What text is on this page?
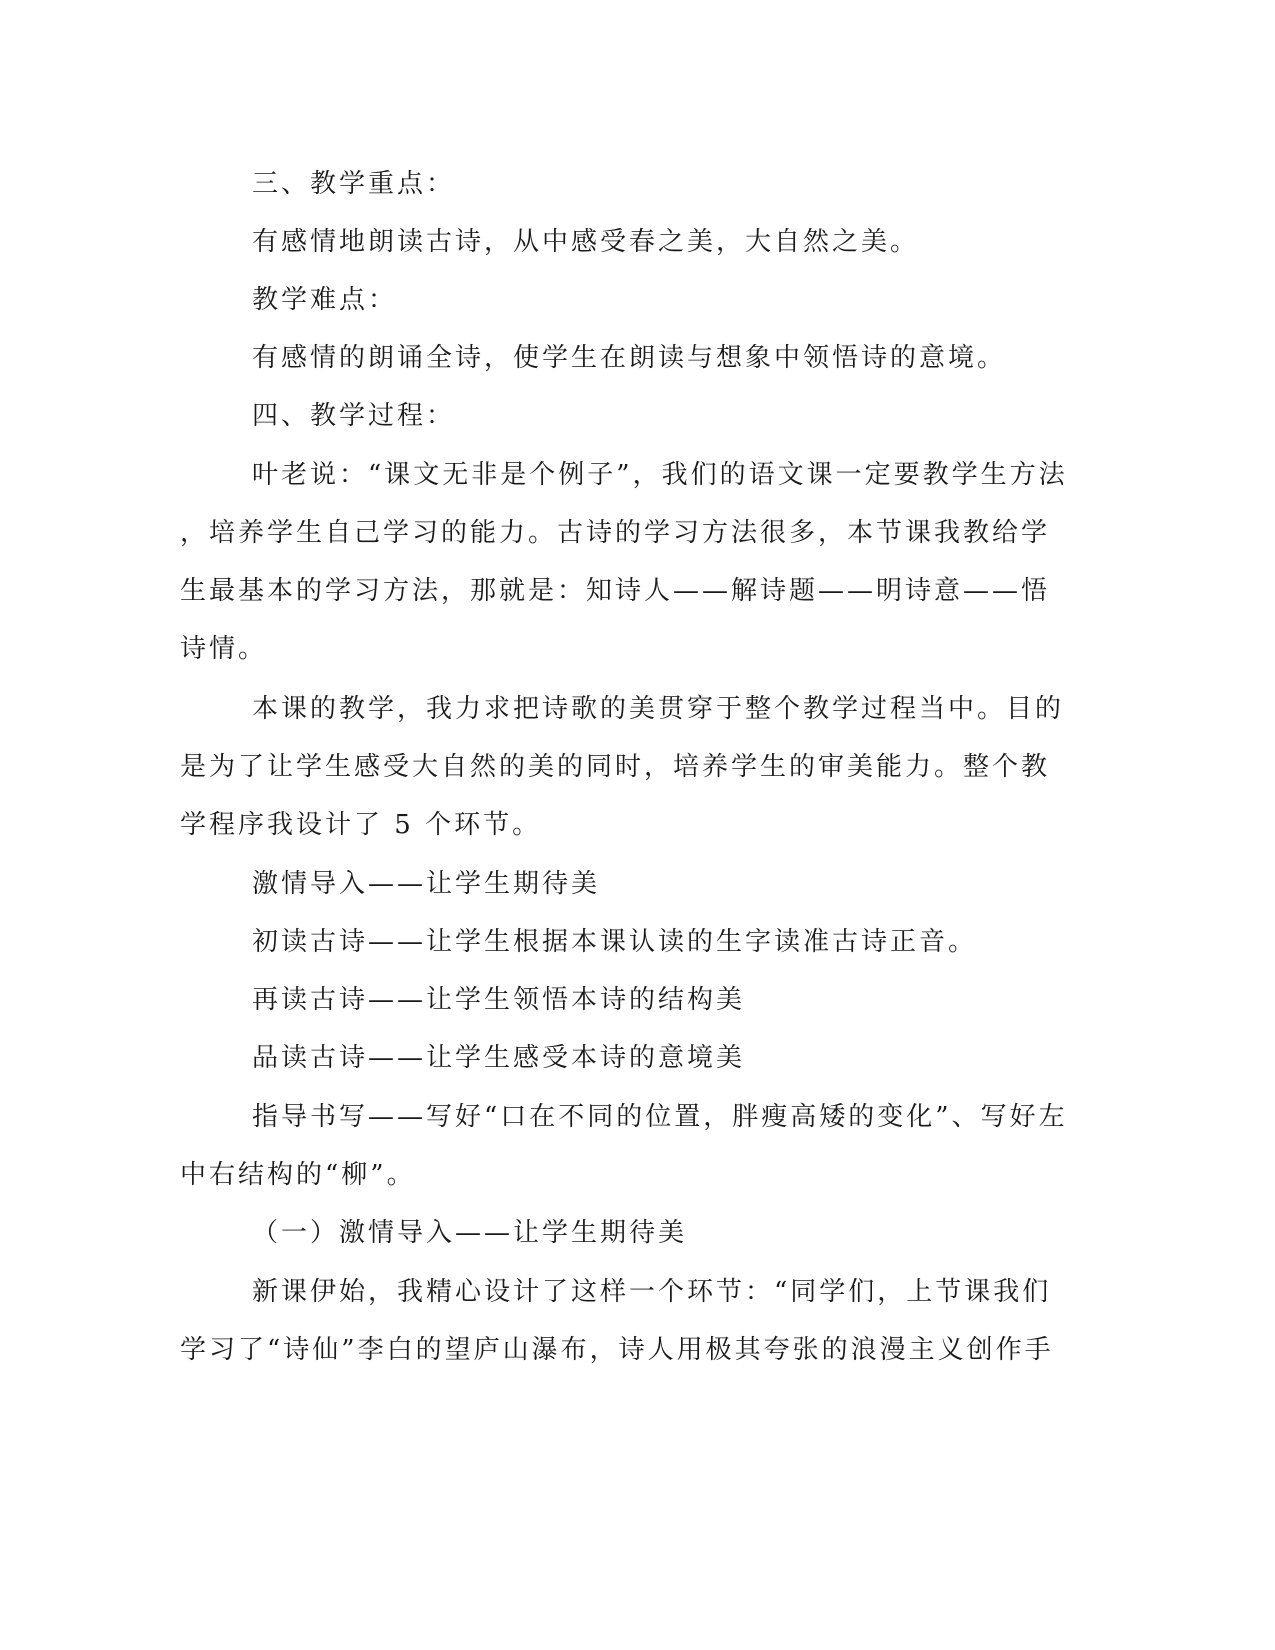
三、教学重点：
有感情地朗读古诗，从中感受春之美，大自然之美。
教学难点：
有感情的朗诵全诗，使学生在朗读与想象中领悟诗的意境。
四、教学过程：
叶老说：“课文无非是个例子”，我们的语文课一定要教学生方法
，培养学生自己学习的能力。古诗的学习方法很多，本节课我教给学
生最基本的学习方法，那就是：知诗人——解诗题——明诗意——悟
诗情。
本课的教学，我力求把诗歌的美贯穿于整个教学过程当中。目的
是为了让学生感受大自然的美的同时，培养学生的审美能力。整个教
学程序我设计了 5 个环节。
激情导入——让学生期待美
初读古诗——让学生根据本课认读的生字读准古诗正音。
再读古诗——让学生领悟本诗的结构美
品读古诗——让学生感受本诗的意境美
指导书写——写好“口在不同的位置，胖瘦高矮的变化”、写好左
中右结构的“柳”。
（一）激情导入——让学生期待美
新课伊始，我精心设计了这样一个环节：“同学们，上节课我们
学习了“诗仙”李白的望庐山瀑布，诗人用极其夸张的浪漫主义创作手
